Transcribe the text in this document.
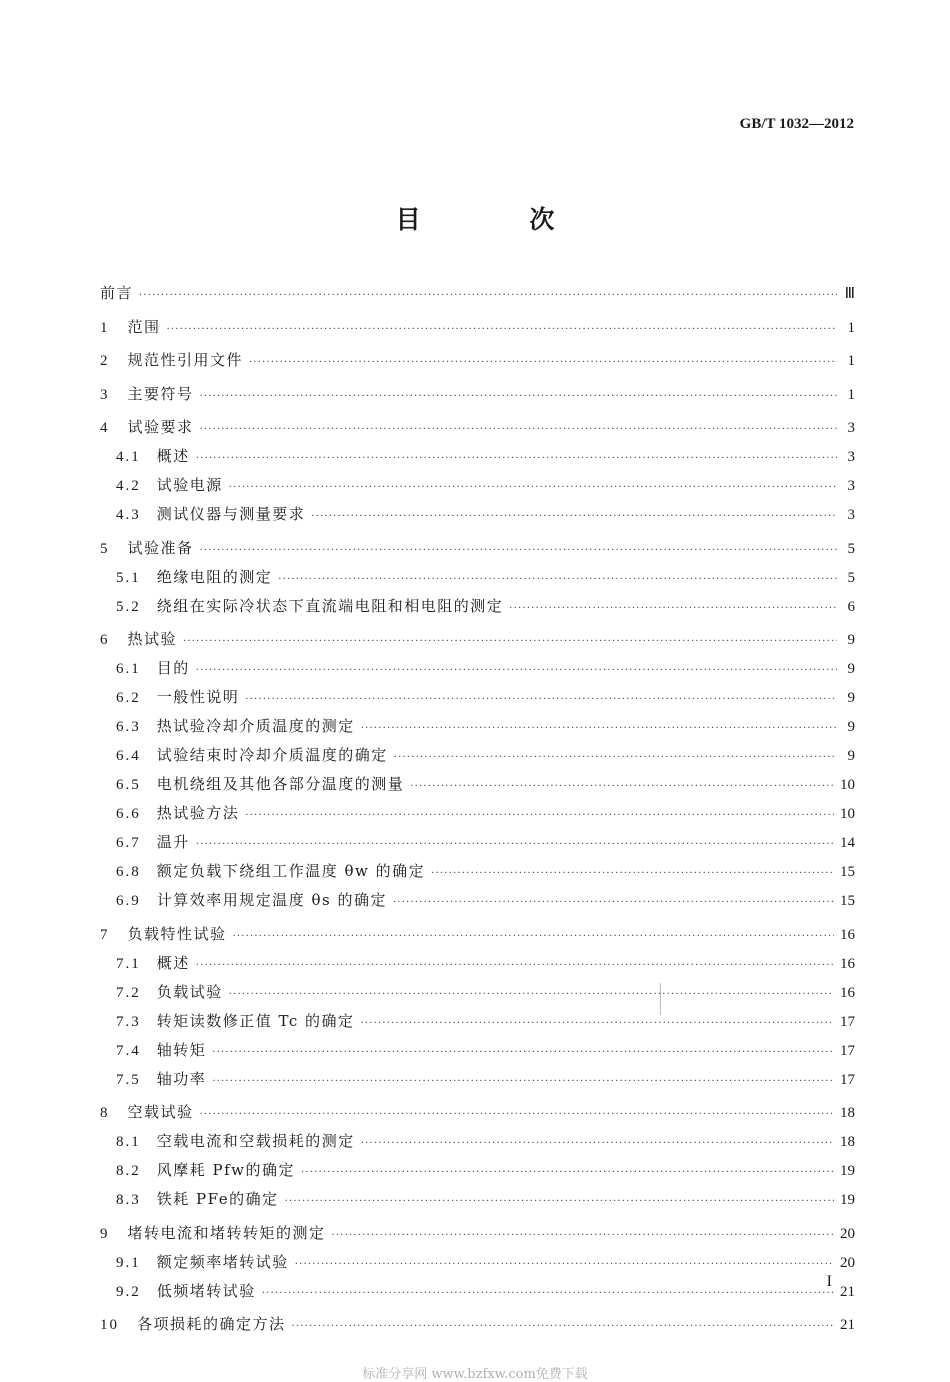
GB/T 1032—2012
目 次
前言 ·····	Ⅲ
1 范围 ·····	1
2 规范性引用文件 ·····	1
3 主要符号 ·····	1
4 试验要求 ·····	3
4.1 概述 ·····	3
4.2 试验电源 ·····	3
4.3 测试仪器与测量要求 ·····	3
5 试验准备 ·····	5
5.1 绝缘电阻的测定 ·····	5
5.2 绕组在实际冷状态下直流端电阻和相电阻的测定 ·····	6
6 热试验 ·····	9
6.1 目的 ·····	9
6.2 一般性说明 ·····	9
6.3 热试验冷却介质温度的测定 ·····	9
6.4 试验结束时冷却介质温度的确定 ·····	9
6.5 电机绕组及其他各部分温度的测量 ·····	10
6.6 热试验方法 ·····	10
6.7 温升 ·····	14
6.8 额定负载下绕组工作温度 θw 的确定 ·····	15
6.9 计算效率用规定温度 θs 的确定 ·····	15
7 负载特性试验 ·····	16
7.1 概述 ·····	16
7.2 负载试验 ·····	16
7.3 转矩读数修正值 Tc 的确定 ·····	17
7.4 轴转矩 ·····	17
7.5 轴功率 ·····	17
8 空载试验 ·····	18
8.1 空载电流和空载损耗的测定 ·····	18
8.2 风摩耗 Pfw的确定 ·····	19
8.3 铁耗 PFe的确定 ·····	19
9 堵转电流和堵转转矩的测定 ·····	20
9.1 额定频率堵转试验 ·····	20
9.2 低频堵转试验 ·····	21
10 各项损耗的确定方法 ·····	21
I
标准分享网 www.bzfxw.com免费下载
